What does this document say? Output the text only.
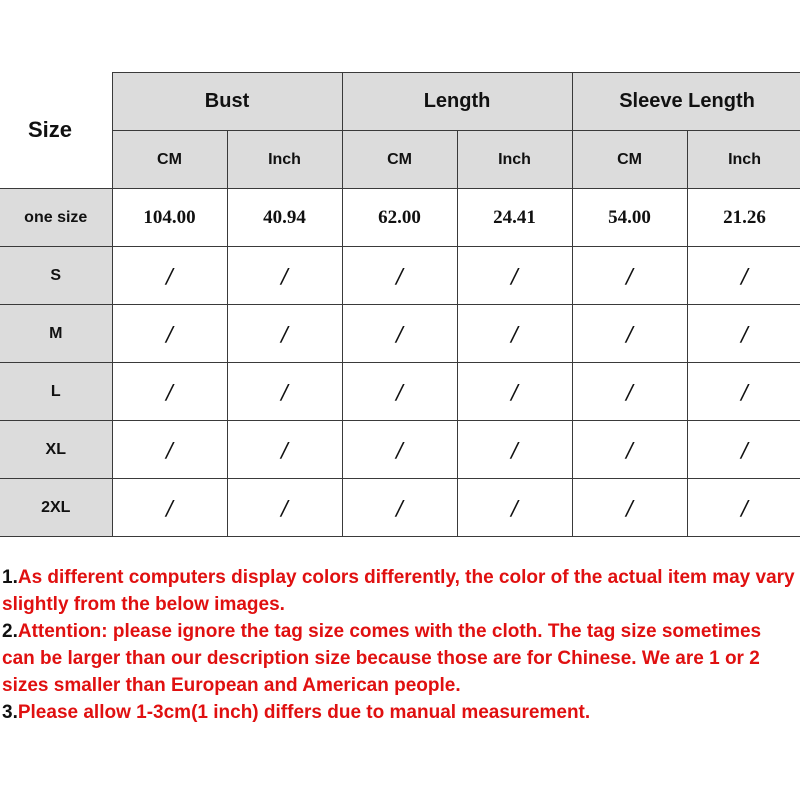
Size	Bust		Length		Sleeve Length	
	CM	Inch	CM	Inch	CM	Inch
one size	104.00	40.94	62.00	24.41	54.00	21.26
S	/	/	/	/	/	/
M	/	/	/	/	/	/
L	/	/	/	/	/	/
XL	/	/	/	/	/	/
2XL	/	/	/	/	/	/

1.As different computers display colors differently, the color of the actual item may vary slightly from the below images.

2.Attention: please ignore the tag size comes with the cloth. The tag size sometimes can be larger than our description size because those are for Chinese. We are 1 or 2 sizes smaller than European and American people.

3.Please allow 1-3cm(1 inch) differs due to manual measurement.
